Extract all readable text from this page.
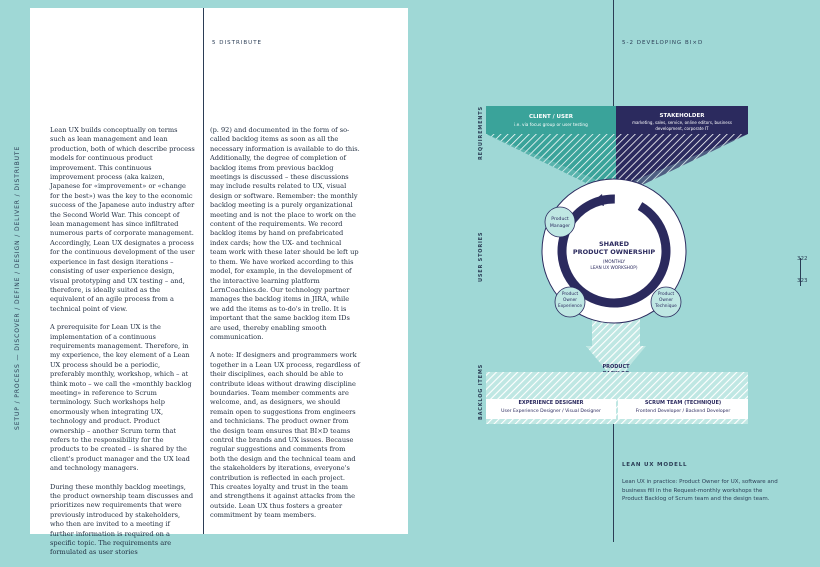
SETUP / PROCESS — DISCOVER / DEFINE / DESIGN / DELIVER / DISTRIBUTE
5 DISTRIBUTE

Lean UX builds conceptually on terms such as lean management and lean production, both of which describe process models for continuous product improvement. This continuous improvement process (aka kaizen, Japanese for «improvement» or «change for the best») was the key to the economic success of the Japanese auto industry after the Second World War. This concept of lean management has since infiltrated numerous parts of corporate management. Accordingly, Lean UX designates a process for the continuous development of the user experience in fast design iterations – consisting of user experience design, visual prototyping and UX testing – and, therefore, is ideally suited as the equivalent of an agile process from a technical point of view.

A prerequisite for Lean UX is the implementation of a continuous requirements management. Therefore, in my experience, the key element of a Lean UX process should be a periodic, preferably monthly, workshop, which – at think moto – we call the «monthly backlog meeting» in reference to Scrum terminology. Such workshops help enormously when integrating UX, technology and product. Product ownership – another Scrum term that refers to the responsibility for the products to be created – is shared by the client's product manager and the UX lead and technology managers.

During these monthly backlog meetings, the product ownership team discusses and prioritizes new requirements that were previously introduced by stakeholders, who then are invited to a meeting if further information is required on a specific topic. The requirements are formulated as user stories

(p. 92) and documented in the form of so-called backlog items as soon as all the necessary information is available to do this. Additionally, the degree of completion of backlog items from previous backlog meetings is discussed – these discussions may include results related to UX, visual design or software. Remember: the monthly backlog meeting is a purely organizational meeting and is not the place to work on the content of the requirements. We record backlog items by hand on prefabricated index cards; how the UX- and technical team work with these later should be left up to them. We have worked according to this model, for example, in the development of the interactive learning platform LernCoachies.de. Our technology partner manages the backlog items in JIRA, while we add the items as to-do's in trello. It is important that the same backlog item IDs are used, thereby enabling smooth communication.

A note: If designers and programmers work together in a Lean UX process, regardless of their disciplines, each should be able to contribute ideas without drawing discipline boundaries. Team member comments are welcome, and, as designers, we should remain open to suggestions from engineers and technicians. The product owner from the design team ensures that BI×D teams control the brands and UX issues. Because regular suggestions and comments from both the design and the technical team and the stakeholders by iterations, everyone's contribution is reflected in each project. This creates loyalty and trust in the team and strengthens it against attacks from the outside. Lean UX thus fosters a greater commitment by team members.

5-2 DEVELOPING BI×D
322
323
REQUIREMENTS
USER STORIES
BACKLOG ITEMS
CLIENT / USER
i.e. via focus group or user testing
STAKEHOLDER
marketing, sales, service, online editors, business
development, corporate IT
PRODUCT
EXPERIENCE DESIGNER
User Experience Designer / Visual Designer
SCRUM TEAM (TECHNIQUE)
Frontend Developer / Backend Developer
SHARED
PRODUCT OWNERSHIP
(MONTHLY
LEAN UX WORKSHOP)
Product
Manager
Product
Owner
Experience
Product
Owner
Technique
LEAN UX MODELL
Lean UX in practice: Product Owner for UX, software and
business fill in the Request-monthly workshops the
Product Backlog of Scrum team and the design team.
